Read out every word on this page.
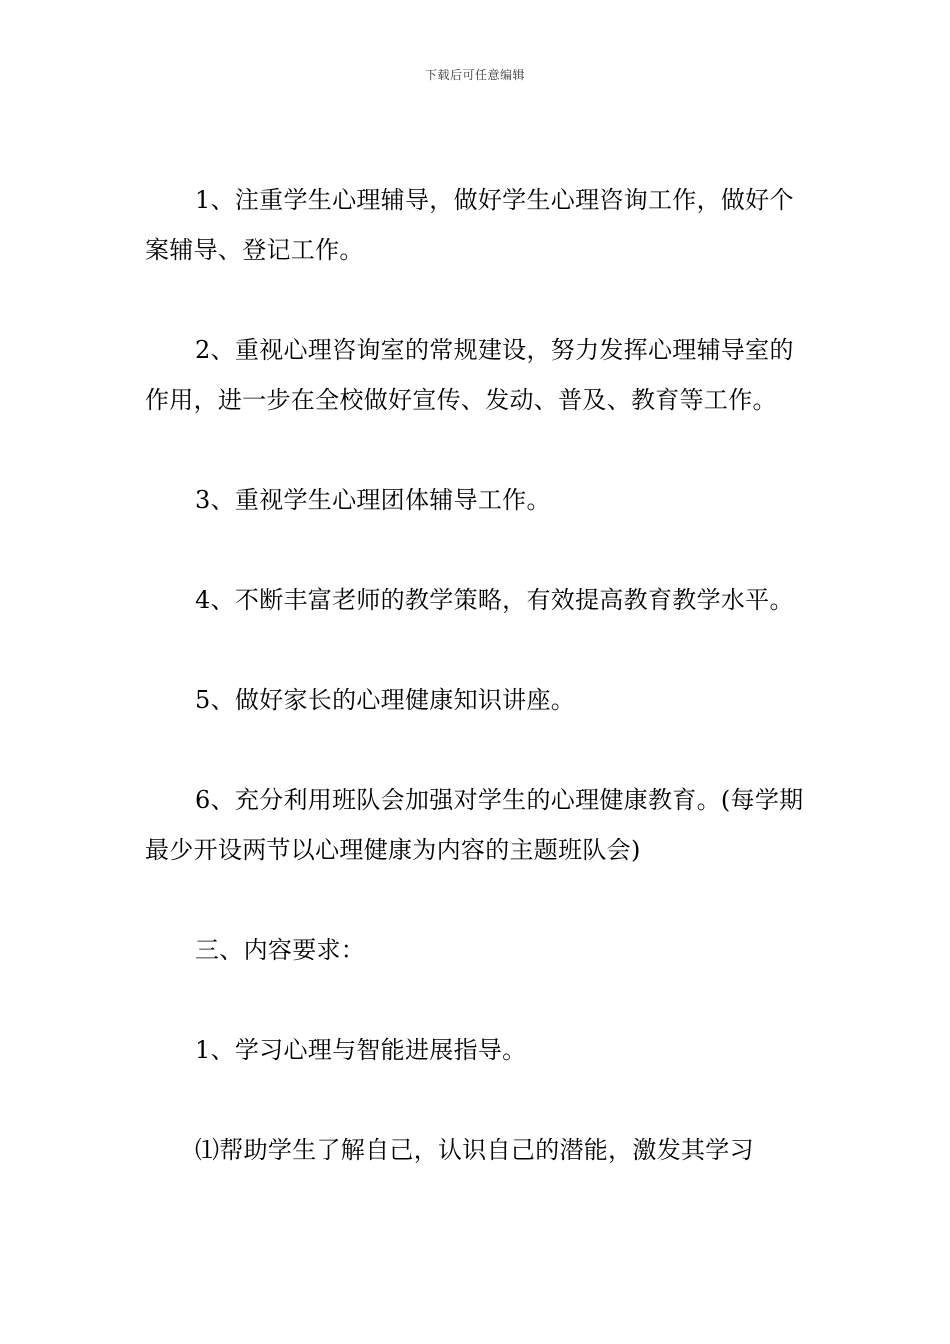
下载后可任意编辑

1、注重学生心理辅导，做好学生心理咨询工作，做好个案辅导、登记工作。

2、重视心理咨询室的常规建设，努力发挥心理辅导室的作用，进一步在全校做好宣传、发动、普及、教育等工作。

3、重视学生心理团体辅导工作。

4、不断丰富老师的教学策略，有效提高教育教学水平。

5、做好家长的心理健康知识讲座。

6、充分利用班队会加强对学生的心理健康教育。(每学期最少开设两节以心理健康为内容的主题班队会)

三、内容要求：

1、学习心理与智能进展指导。

⑴帮助学生了解自己，认识自己的潜能，激发其学习
